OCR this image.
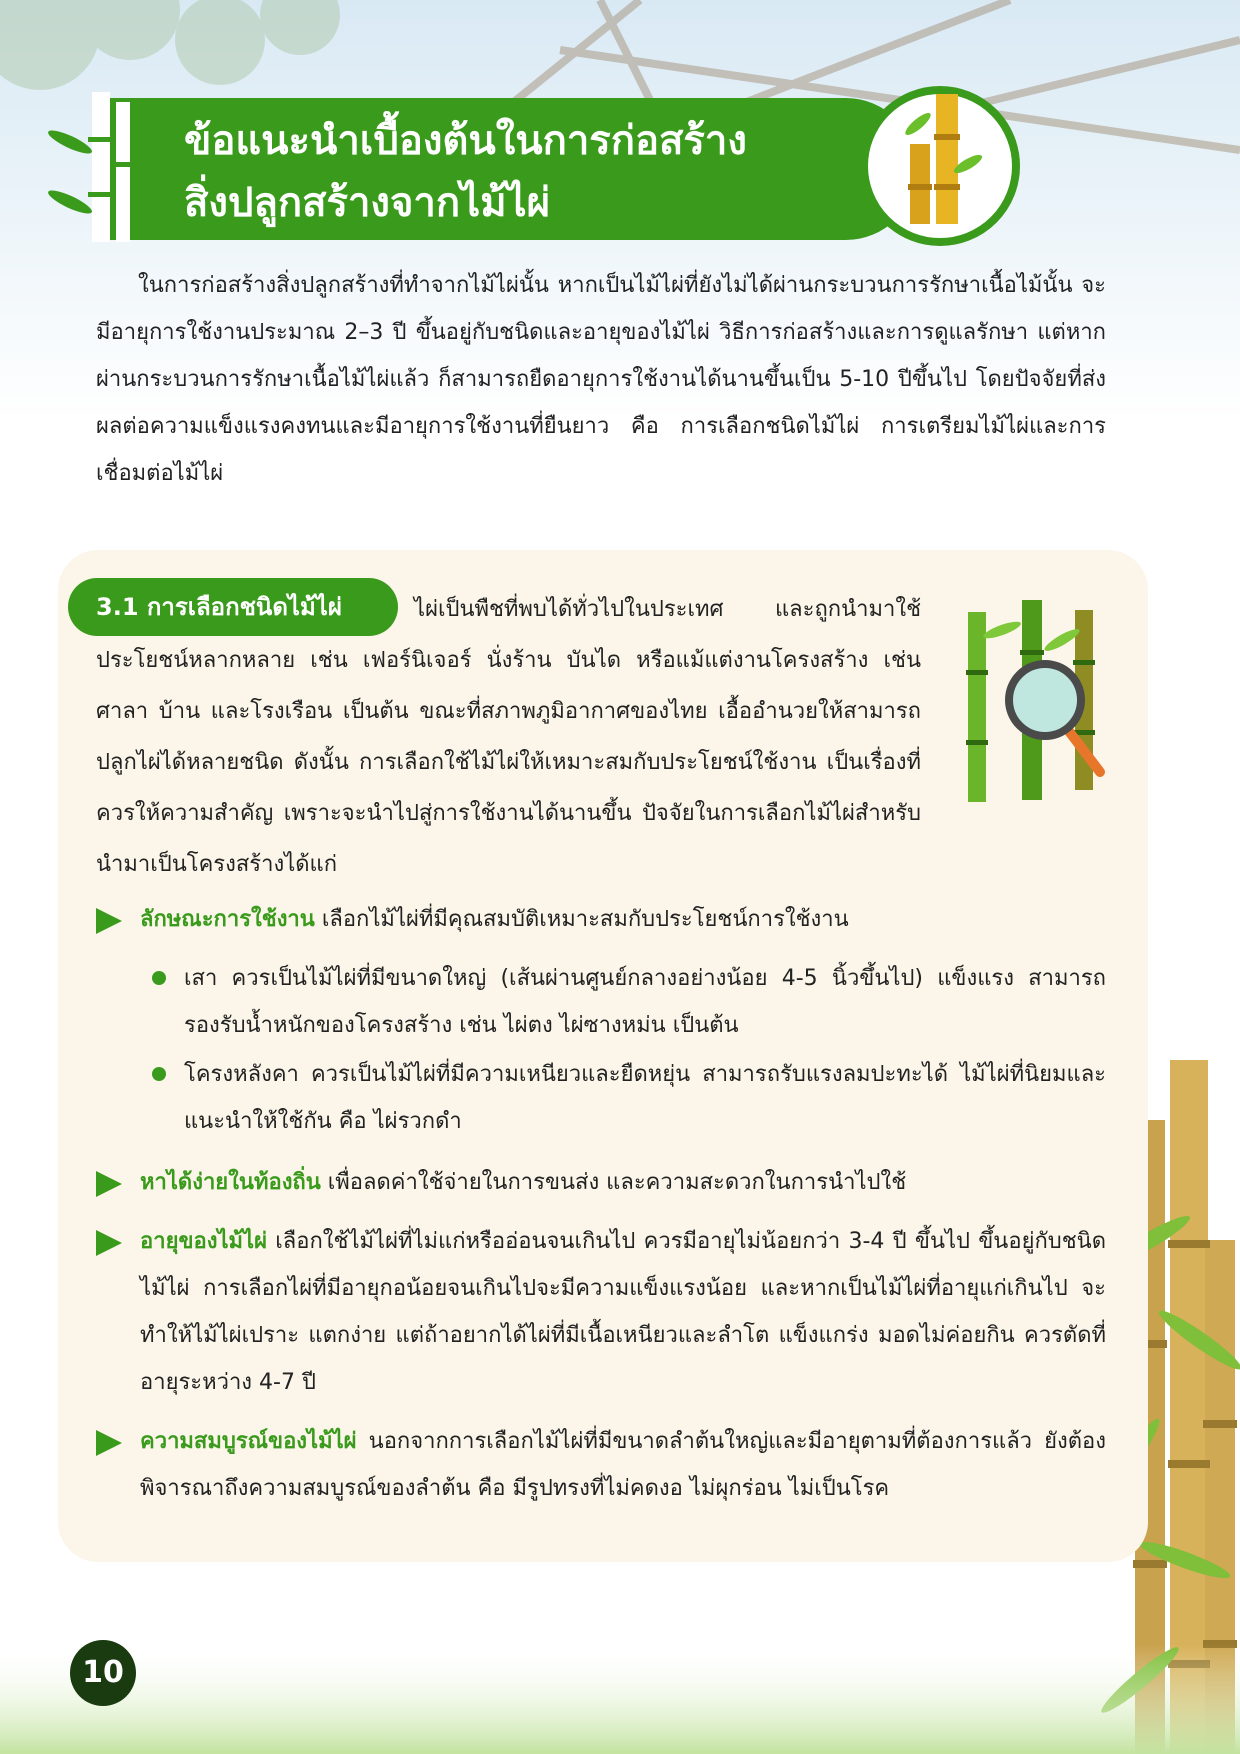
ข้อแนะนำเบื้องต้นในการก่อสร้าง
สิ่งปลูกสร้างจากไม้ไผ่

ในการก่อสร้างสิ่งปลูกสร้างที่ทำจากไม้ไผ่นั้น หากเป็นไม้ไผ่ที่ยังไม่ได้ผ่านกระบวนการรักษาเนื้อไม้นั้น จะมีอายุการใช้งานประมาณ 2–3 ปี ขึ้นอยู่กับชนิดและอายุของไม้ไผ่ วิธีการก่อสร้างและการดูแลรักษา แต่หากผ่านกระบวนการรักษาเนื้อไม้ไผ่แล้ว ก็สามารถยืดอายุการใช้งานได้นานขึ้นเป็น 5-10 ปีขึ้นไป โดยปัจจัยที่ส่งผลต่อความแข็งแรงคงทนและมีอายุการใช้งานที่ยืนยาว คือ การเลือกชนิดไม้ไผ่ การเตรียมไม้ไผ่และการเชื่อมต่อไม้ไผ่

ไผ่เป็นพืชที่พบได้ทั่วไปในประเทศ และถูกนำมาใช้ประโยชน์หลากหลาย เช่น เฟอร์นิเจอร์ นั่งร้าน บันได หรือแม้แต่งานโครงสร้าง เช่น ศาลา บ้าน และโรงเรือน เป็นต้น ขณะที่สภาพภูมิอากาศของไทย เอื้ออำนวยให้สามารถปลูกไผ่ได้หลายชนิด ดังนั้น การเลือกใช้ไม้ไผ่ให้เหมาะสมกับประโยชน์ใช้งาน เป็นเรื่องที่ควรให้ความสำคัญ เพราะจะนำไปสู่การใช้งานได้นานขึ้น ปัจจัยในการเลือกไม้ไผ่สำหรับนำมาเป็นโครงสร้างได้แก่
3.1 การเลือกชนิดไม้ไผ่
ลักษณะการใช้งาน เลือกไม้ไผ่ที่มีคุณสมบัติเหมาะสมกับประโยชน์การใช้งาน
เสา ควรเป็นไม้ไผ่ที่มีขนาดใหญ่ (เส้นผ่านศูนย์กลางอย่างน้อย 4-5 นิ้วขึ้นไป) แข็งแรง สามารถรองรับน้ำหนักของโครงสร้าง เช่น ไผ่ตง ไผ่ซางหม่น เป็นต้น
โครงหลังคา ควรเป็นไม้ไผ่ที่มีความเหนียวและยืดหยุ่น สามารถรับแรงลมปะทะได้ ไม้ไผ่ที่นิยมและแนะนำให้ใช้กัน คือ ไผ่รวกดำ
หาได้ง่ายในท้องถิ่น เพื่อลดค่าใช้จ่ายในการขนส่ง และความสะดวกในการนำไปใช้
อายุของไม้ไผ่ เลือกใช้ไม้ไผ่ที่ไม่แก่หรืออ่อนจนเกินไป ควรมีอายุไม่น้อยกว่า 3-4 ปี ขึ้นไป ขึ้นอยู่กับชนิดไม้ไผ่ การเลือกไผ่ที่มีอายุกอน้อยจนเกินไปจะมีความแข็งแรงน้อย และหากเป็นไม้ไผ่ที่อายุแก่เกินไป จะทำให้ไม้ไผ่เปราะ แตกง่าย แต่ถ้าอยากได้ไผ่ที่มีเนื้อเหนียวและลำโต แข็งแกร่ง มอดไม่ค่อยกิน ควรตัดที่อายุระหว่าง 4-7 ปี
ความสมบูรณ์ของไม้ไผ่ นอกจากการเลือกไม้ไผ่ที่มีขนาดลำต้นใหญ่และมีอายุตามที่ต้องการแล้ว ยังต้องพิจารณาถึงความสมบูรณ์ของลำต้น คือ มีรูปทรงที่ไม่คดงอ ไม่ผุกร่อน ไม่เป็นโรค
10
